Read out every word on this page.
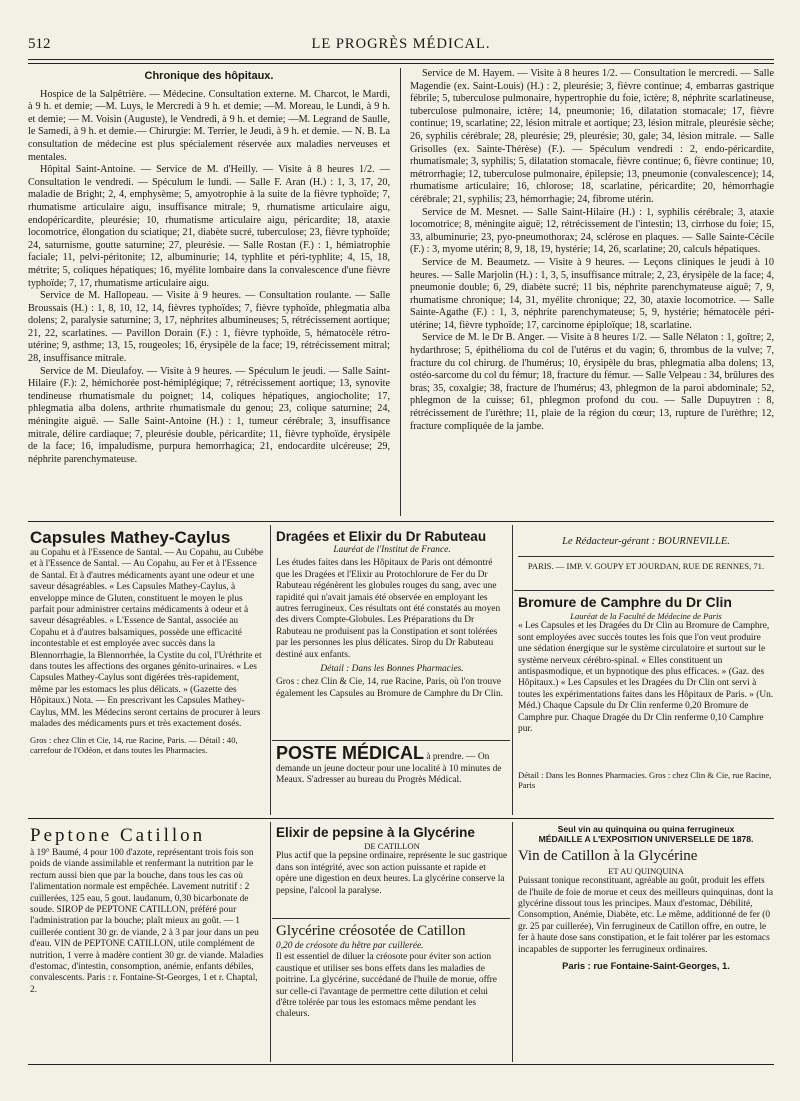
512	LE PROGRÈS MÉDICAL.
Chronique des hôpitaux.

Hospice de la Salpêtrière. — Médecine. Consultation externe. M. Charcot, le Mardi, à 9 h. et demie; —M. Luys, le Mercredi à 9 h. et demie; —M. Moreau, le Lundi, à 9 h. et demie; — M. Voisin (Auguste), le Vendredi, à 9 h. et demie; —M. Legrand de Saulle, le Samedi, à 9 h. et demie.— Chirurgie: M. Terrier, le Jeudi, à 9 h. et demie. — N. B. La consultation de médecine est plus spécialement réservée aux maladies nerveuses et mentales.

Hôpital Saint-Antoine. — Service de M. d'Heilly. — Visite à 8 heures 1/2. — Consultation le vendredi. — Spéculum le lundi. — Salle F. Aran (H.) : 1, 3, 17, 20, maladie de Bright; 2, 4, emphysème; 5, amyotrophie à la suite de la fièvre typhoïde; 7, rhumatisme articulaire aigu, insuffisance mitrale; 9, rhumatisme articulaire aigu, endopéricardite, pleurésie; 10, rhumatisme articulaire aigu, péricardite; 18, ataxie locomotrice, élongation du sciatique; 21, diabète sucré, tuberculose; 23, fièvre typhoïde; 24, saturnisme, goutte saturnine; 27, pleurésie. — Salle Rostan (F.) : 1, hémiatrophie faciale; 11, pelvi-péritonite; 12, albuminurie; 14, typhlite et péri-typhlite; 4, 15, 18, métrite; 5, coliques hépatiques; 16, myélite lombaire dans la convalescence d'une fièvre typhoïde; 7, 17, rhumatisme articulaire aigu.

Service de M. Hallopeau. — Visite à 9 heures. — Consultation roulante. — Salle Broussais (H.) : 1, 8, 10, 12, 14, fièvres typhoïdes; 7, fièvre typhoïde, phlegmatia alba dolens; 2, paralysie saturnine; 3, 17, néphrites albumineuses; 5, rétrécissement aortique; 21, 22, scarlatines. — Pavillon Dorain (F.) : 1, fièvre typhoïde, 5, hématocèle rétro-utérine; 9, asthme; 13, 15, rougeoles; 16, érysipèle de la face; 19, rétrécissement mitral; 28, insuffisance mitrale.

Service de M. Dieulafoy. — Visite à 9 heures. — Spéculum le jeudi. — Salle Saint-Hilaire (F.): 2, hémichorée post-hémiplégique; 7, rétrécissement aortique; 13, synovite tendineuse rhumatismale du poignet; 14, coliques hépatiques, angiocholite; 17, phlegmatia alba dolens, arthrite rhumatismale du genou; 23, colique saturnine; 24, méningite aiguë. — Salle Saint-Antoine (H.) : 1, tumeur cérébrale; 3, insuffisance mitrale, délire cardiaque; 7, pleurésie double, péricardite; 11, fièvre typhoïde, érysipèle de la face; 16, impaludisme, purpura hemorrhagica; 21, endocardite ulcéreuse; 29, néphrite parenchymateuse.

Service de M. Hayem. — Visite à 8 heures 1/2. — Consultation le mercredi. — Salle Magendie (ex. Saint-Louis) (H.) : 2, pleurésie; 3, fièvre continue; 4, embarras gastrique fébrile; 5, tuberculose pulmonaire, hypertrophie du foie, ictère; 8, néphrite scarlatineuse, tuberculose pulmonaire, ictère; 14, pneumonie; 16, dilatation stomacale; 17, fièvre continue; 19, scarlatine; 22, lésion mitrale et aortique; 23, lésion mitrale, pleurésie sèche; 26, syphilis cérébrale; 28, pleurésie; 29, pleurésie; 30, gale; 34, lésion mitrale. — Salle Grisolles (ex. Sainte-Thérèse) (F.). — Spéculum vendredi : 2, endo-péricardite, rhumatismale; 3, syphilis; 5, dilatation stomacale, fièvre continue; 6, fièvre continue; 10, métrorrhagie; 12, tuberculose pulmonaire, épilepsie; 13, pneumonie (convalescence); 14, rhumatisme articulaire; 16, chlorose; 18, scarlatine, péricardite; 20, hémorrhagie cérébrale; 21, syphilis; 23, hémorrhagie; 24, fibrome utérin.

Service de M. Mesnet. — Salle Saint-Hilaire (H.) : 1, syphilis cérébrale; 3, ataxie locomotrice; 8, méningite aiguë; 12, rétrécissement de l'intestin; 13, cirrhose du foie; 15, 33, albuminurie; 23, pyo-pneumothorax; 24, sclérose en plaques. — Salle Sainte-Cécile (F.) : 3, myome utérin; 8, 9, 18, 19, hystérie; 14, 26, scarlatine; 20, calculs hépatiques.

Service de M. Beaumetz. — Visite à 9 heures. — Leçons cliniques le jeudi à 10 heures. — Salle Marjolin (H.) : 1, 3, 5, insuffisance mitrale; 2, 23, érysipèle de la face; 4, pneumonie double; 6, 29, diabète sucré; 11 bis, néphrite parenchymateuse aiguë; 7, 9, rhumatisme chronique; 14, 31, myélite chronique; 22, 30, ataxie locomotrice. — Salle Sainte-Agathe (F.) : 1, 3, néphrite parenchymateuse; 5, 9, hystérie; hématocèle péri-utérine; 14, fièvre typhoïde; 17, carcinome épiploïque; 18, scarlatine.

Service de M. le Dr B. Anger. — Visite à 8 heures 1/2. — Salle Nélaton : 1, goître; 2, hydarthrose; 5, épithélioma du col de l'utérus et du vagin; 6, thrombus de la vulve; 7, fracture du col chirurg. de l'humérus; 10, érysipèle du bras, phlegmatia alba dolens; 13, ostéo-sarcome du col du fémur; 18, fracture du fémur. — Salle Velpeau : 34, brûlures des bras; 35, coxalgie; 38, fracture de l'humérus; 43, phlegmon de la paroi abdominale; 52, phlegmon de la cuisse; 61, phlegmon profond du cou. — Salle Dupuytren : 8, rétrécissement de l'urèthre; 11, plaie de la région du cœur; 13, rupture de l'urèthre; 12, fracture compliquée de la jambe.

Capsules Mathey-Caylus
au Copahu et à l'Essence de Santal. — Au Copahu, au Cubèbe et à l'Essence de Santal. — Au Copahu, au Fer et à l'Essence de Santal. Et à d'autres médicaments ayant une odeur et une saveur désagréables. « Les Capsules Mathey-Caylus, à enveloppe mince de Gluten, constituent le moyen le plus parfait pour administrer certains médicaments à odeur et à saveur désagréables. « L'Essence de Santal, associée au Copahu et à d'autres balsamiques, possède une efficacité incontestable et est employée avec succès dans la Blennorrhagie, la Blennorrhée, la Cystite du col, l'Uréthrite et dans toutes les affections des organes génito-urinaires. « Les Capsules Mathey-Caylus sont digérées très-rapidement, même par les estomacs les plus délicats. » (Gazette des Hôpitaux.) Nota. — En prescrivant les Capsules Mathey-Caylus, MM. les Médecins seront certains de procurer à leurs malades des médicaments purs et très exactement dosés.
Gros : chez Clin et Cie, 14, rue Racine, Paris. — Détail : 40, carrefour de l'Odéon, et dans toutes les Pharmacies.
Dragées et Elixir du Dr Rabuteau
Lauréat de l'Institut de France.
Les études faites dans les Hôpitaux de Paris ont démontré que les Dragées et l'Elixir au Protochlorure de Fer du Dr Rabuteau régénèrent les globules rouges du sang, avec une rapidité qui n'avait jamais été observée en employant les autres ferrugineux. Ces résultats ont été constatés au moyen des divers Compte-Globules. Les Préparations du Dr Rabuteau ne produisent pas la Constipation et sont tolérées par les personnes les plus délicates. Sirop du Dr Rabuteau destiné aux enfants.
Détail : Dans les Bonnes Pharmacies.
Gros : chez Clin & Cie, 14, rue Racine, Paris, où l'on trouve également les Capsules au Bromure de Camphre du Dr Clin.
Le Rédacteur-gérant : BOURNEVILLE.
PARIS. — IMP. V. GOUPY ET JOURDAN, RUE DE RENNES, 71.
Bromure de Camphre du Dr Clin
Lauréat de la Faculté de Médecine de Paris
« Les Capsules et les Dragées du Dr Clin au Bromure de Camphre, sont employées avec succès toutes les fois que l'on veut produire une sédation énergique sur le système circulatoire et surtout sur le système nerveux cérébro-spinal. « Elles constituent un antispasmodique, et un hypnotique des plus efficaces. » (Gaz. des Hôpitaux.) « Les Capsules et les Dragées du Dr Clin ont servi à toutes les expérimentations faites dans les Hôpitaux de Paris. » (Un. Méd.) Chaque Capsule du Dr Clin renferme 0,20 Bromure de Camphre pur. Chaque Dragée du Dr Clin renferme 0,10 Camphre pur.
Détail : Dans les Bonnes Pharmacies. Gros : chez Clin & Cie, rue Racine, Paris
POSTE MÉDICAL à prendre. — On demande un jeune docteur pour une localité à 10 minutes de Meaux. S'adresser au bureau du Progrès Médical.
Peptone Catillon
à 19° Baumé, 4 pour 100 d'azote, représentant trois fois son poids de viande assimilable et renfermant la nutrition par le rectum aussi bien que par la bouche, dans tous les cas où l'alimentation normale est empêchée. Lavement nutritif : 2 cuillerées, 125 eau, 5 gout. laudanum, 0,30 bicarbonate de soude. SIROP de PEPTONE CATILLON, préféré pour l'administration par la bouche; plaît mieux au goût. — 1 cuillerée contient 30 gr. de viande, 2 à 3 par jour dans un peu d'eau. VIN de PEPTONE CATILLON, utile complément de nutrition, 1 verre à madère contient 30 gr. de viande. Maladies d'estomac, d'intestin, consomption, anémie, enfants débiles, convalescents. Paris : r. Fontaine-St-Georges, 1 et r. Chaptal, 2.
Elixir de pepsine à la Glycérine
DE CATILLON
Plus actif que la pepsine ordinaire, représente le suc gastrique dans son intégrité, avec son action puissante et rapide et opère une digestion en deux heures. La glycérine conserve la pepsine, l'alcool la paralyse.
Glycérine créosotée de Catillon
0,20 de créosote du hêtre par cuillerée.
Il est essentiel de diluer la créosote pour éviter son action caustique et utiliser ses bons effets dans les maladies de poitrine. La glycérine, succédané de l'huile de morue, offre sur celle-ci l'avantage de permettre cette dilution et celui d'être tolérée par tous les estomacs même pendant les chaleurs.
Seul vin au quinquina ou quina ferrugineux
MÉDAILLE A L'EXPOSITION UNIVERSELLE DE 1878.
Vin de Catillon à la Glycérine
ET AU QUINQUINA
Puissant tonique reconstituant, agréable au goût, produit les effets de l'huile de foie de morue et ceux des meilleurs quinquinas, dont la glycérine dissout tous les principes. Maux d'estomac, Débilité, Consomption, Anémie, Diabète, etc. Le même, additionné de fer (0 gr. 25 par cuillerée), Vin ferrugineux de Catillon offre, en outre, le fer à haute dose sans constipation, et le fait tolérer par les estomacs incapables de supporter les ferrugineux ordinaires.
Paris : rue Fontaine-Saint-Georges, 1.
